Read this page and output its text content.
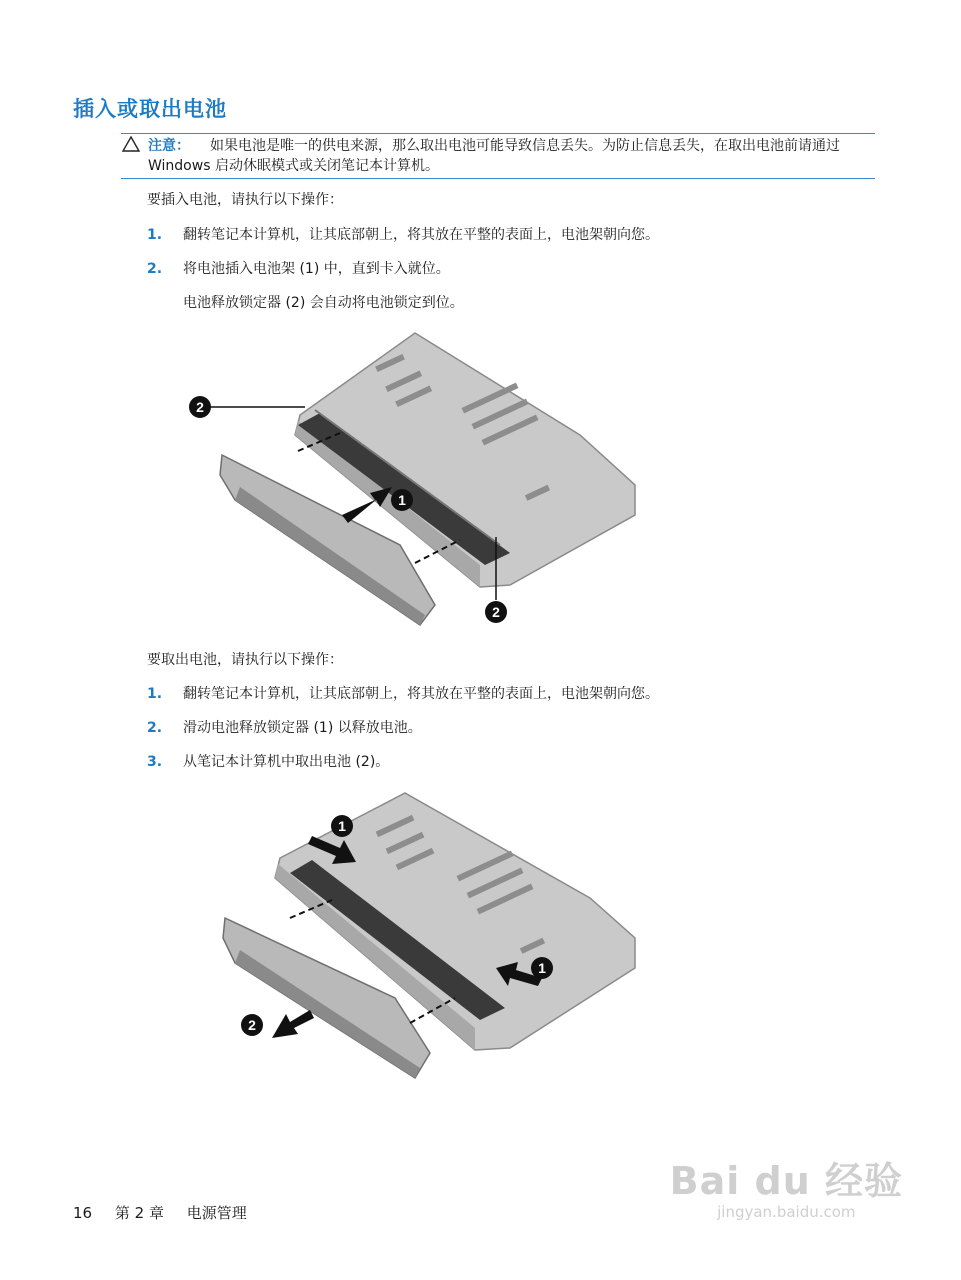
插入或取出电池
注意： 如果电池是唯一的供电来源，那么取出电池可能导致信息丢失。为防止信息丢失，在取出电池前请通过 Windows 启动休眠模式或关闭笔记本计算机。
要插入电池，请执行以下操作：
1. 翻转笔记本计算机，让其底部朝上，将其放在平整的表面上，电池架朝向您。
2. 将电池插入电池架 (1) 中，直到卡入就位。
电池释放锁定器 (2) 会自动将电池锁定到位。
2
1
2
要取出电池，请执行以下操作：
1. 翻转笔记本计算机，让其底部朝上，将其放在平整的表面上，电池架朝向您。
2. 滑动电池释放锁定器 (1) 以释放电池。
3. 从笔记本计算机中取出电池 (2)。
1
1
2
16 第 2 章 电源管理
Bai du 经验
jingyan.baidu.com
